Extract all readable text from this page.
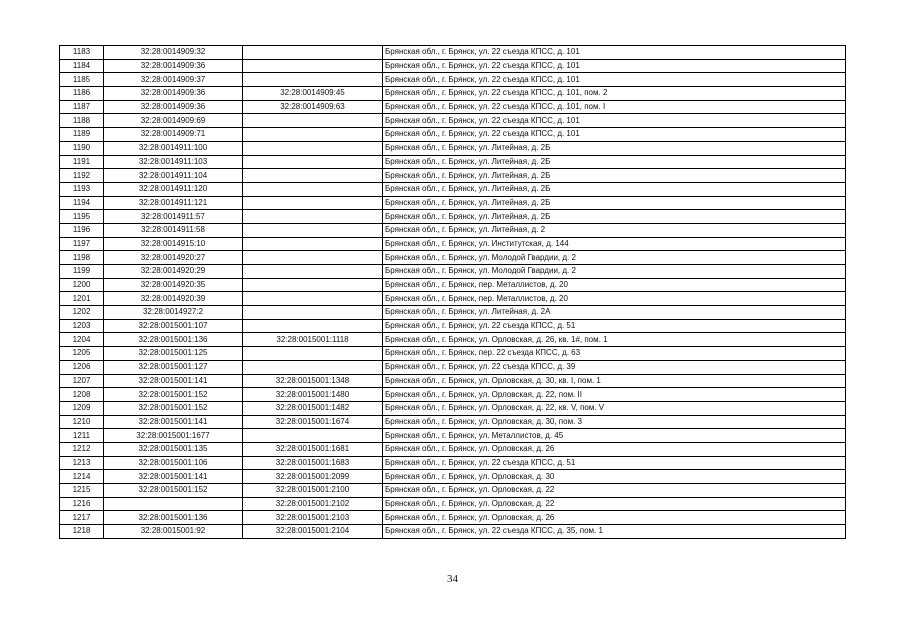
1183	32:28:0014909:32		Брянская обл., г. Брянск, ул. 22 съезда КПСС, д. 101
1184	32:28:0014909:36		Брянская обл., г. Брянск, ул. 22 съезда КПСС, д. 101
1185	32:28:0014909:37		Брянская обл., г. Брянск, ул. 22 съезда КПСС, д. 101
1186	32:28:0014909:36	32:28:0014909:45	Брянская обл., г. Брянск, ул. 22 съезда КПСС, д. 101, пом. 2
1187	32:28:0014909:36	32:28:0014909:63	Брянская обл., г. Брянск, ул. 22 съезда КПСС, д. 101, пом. I
1188	32:28:0014909:69		Брянская обл., г. Брянск, ул. 22 съезда КПСС, д. 101
1189	32:28:0014909:71		Брянская обл., г. Брянск, ул. 22 съезда КПСС, д. 101
1190	32:28:0014911:100		Брянская обл., г. Брянск, ул. Литейная, д. 2Б
1191	32:28:0014911:103		Брянская обл., г. Брянск, ул. Литейная, д. 2Б
1192	32:28:0014911:104		Брянская обл., г. Брянск, ул. Литейная, д. 2Б
1193	32:28:0014911:120		Брянская обл., г. Брянск, ул. Литейная, д. 2Б
1194	32:28:0014911:121		Брянская обл., г. Брянск, ул. Литейная, д. 2Б
1195	32:28:0014911:57		Брянская обл., г. Брянск, ул. Литейная, д. 2Б
1196	32:28:0014911:58		Брянская обл., г. Брянск, ул. Литейная, д. 2
1197	32:28:0014915:10		Брянская обл., г. Брянск, ул. Институтская, д. 144
1198	32:28:0014920:27		Брянская обл., г. Брянск, ул. Молодой Гвардии, д. 2
1199	32:28:0014920:29		Брянская обл., г. Брянск, ул. Молодой Гвардии, д. 2
1200	32:28:0014920:35		Брянская обл., г. Брянск, пер. Металлистов, д. 20
1201	32:28:0014920:39		Брянская обл., г. Брянск, пер. Металлистов, д. 20
1202	32:28:0014927:2		Брянская обл., г. Брянск, ул. Литейная, д. 2А
1203	32:28:0015001:107		Брянская обл., г. Брянск, ул. 22 съезда КПСС, д. 51
1204	32:28:0015001:136	32:28:0015001:1118	Брянская обл., г. Брянск, ул. Орловская, д. 26, кв. 1#, пом. 1
1205	32:28:0015001:125		Брянская обл., г. Брянск, пер. 22 съезда КПСС, д. 63
1206	32:28:0015001:127		Брянская обл., г. Брянск, ул. 22 съезда КПСС, д. 39
1207	32:28:0015001:141	32:28:0015001:1348	Брянская обл., г. Брянск, ул. Орловская, д. 30, кв. I, пом. 1
1208	32:28:0015001:152	32:28:0015001:1480	Брянская обл., г. Брянск, ул. Орловская, д. 22, пом. II
1209	32:28:0015001:152	32:28:0015001:1482	Брянская обл., г. Брянск, ул. Орловская, д. 22, кв. V, пом. V
1210	32:28:0015001:141	32:28:0015001:1674	Брянская обл., г. Брянск, ул. Орловская, д. 30, пом. 3
1211	32:28:0015001:1677		Брянская обл., г. Брянск, ул. Металлистов, д. 45
1212	32:28:0015001:135	32:28:0015001:1681	Брянская обл., г. Брянск, ул. Орловская, д. 26
1213	32:28:0015001:106	32:28:0015001:1683	Брянская обл., г. Брянск, ул. 22 съезда КПСС, д. 51
1214	32:28:0015001:141	32:28:0015001:2099	Брянская обл., г. Брянск, ул. Орловская, д. 30
1215	32:28:0015001:152	32:28:0015001:2100	Брянская обл., г. Брянск, ул. Орловская, д. 22
1216		32:28:0015001:2102	Брянская обл., г. Брянск, ул. Орловская, д. 22
1217	32:28:0015001:136	32:28:0015001:2103	Брянская обл., г. Брянск, ул. Орловская, д. 26
1218	32:28:0015001:92	32:28:0015001:2104	Брянская обл., г. Брянск, ул. 22 съезда КПСС, д. 35, пом. 1
34
